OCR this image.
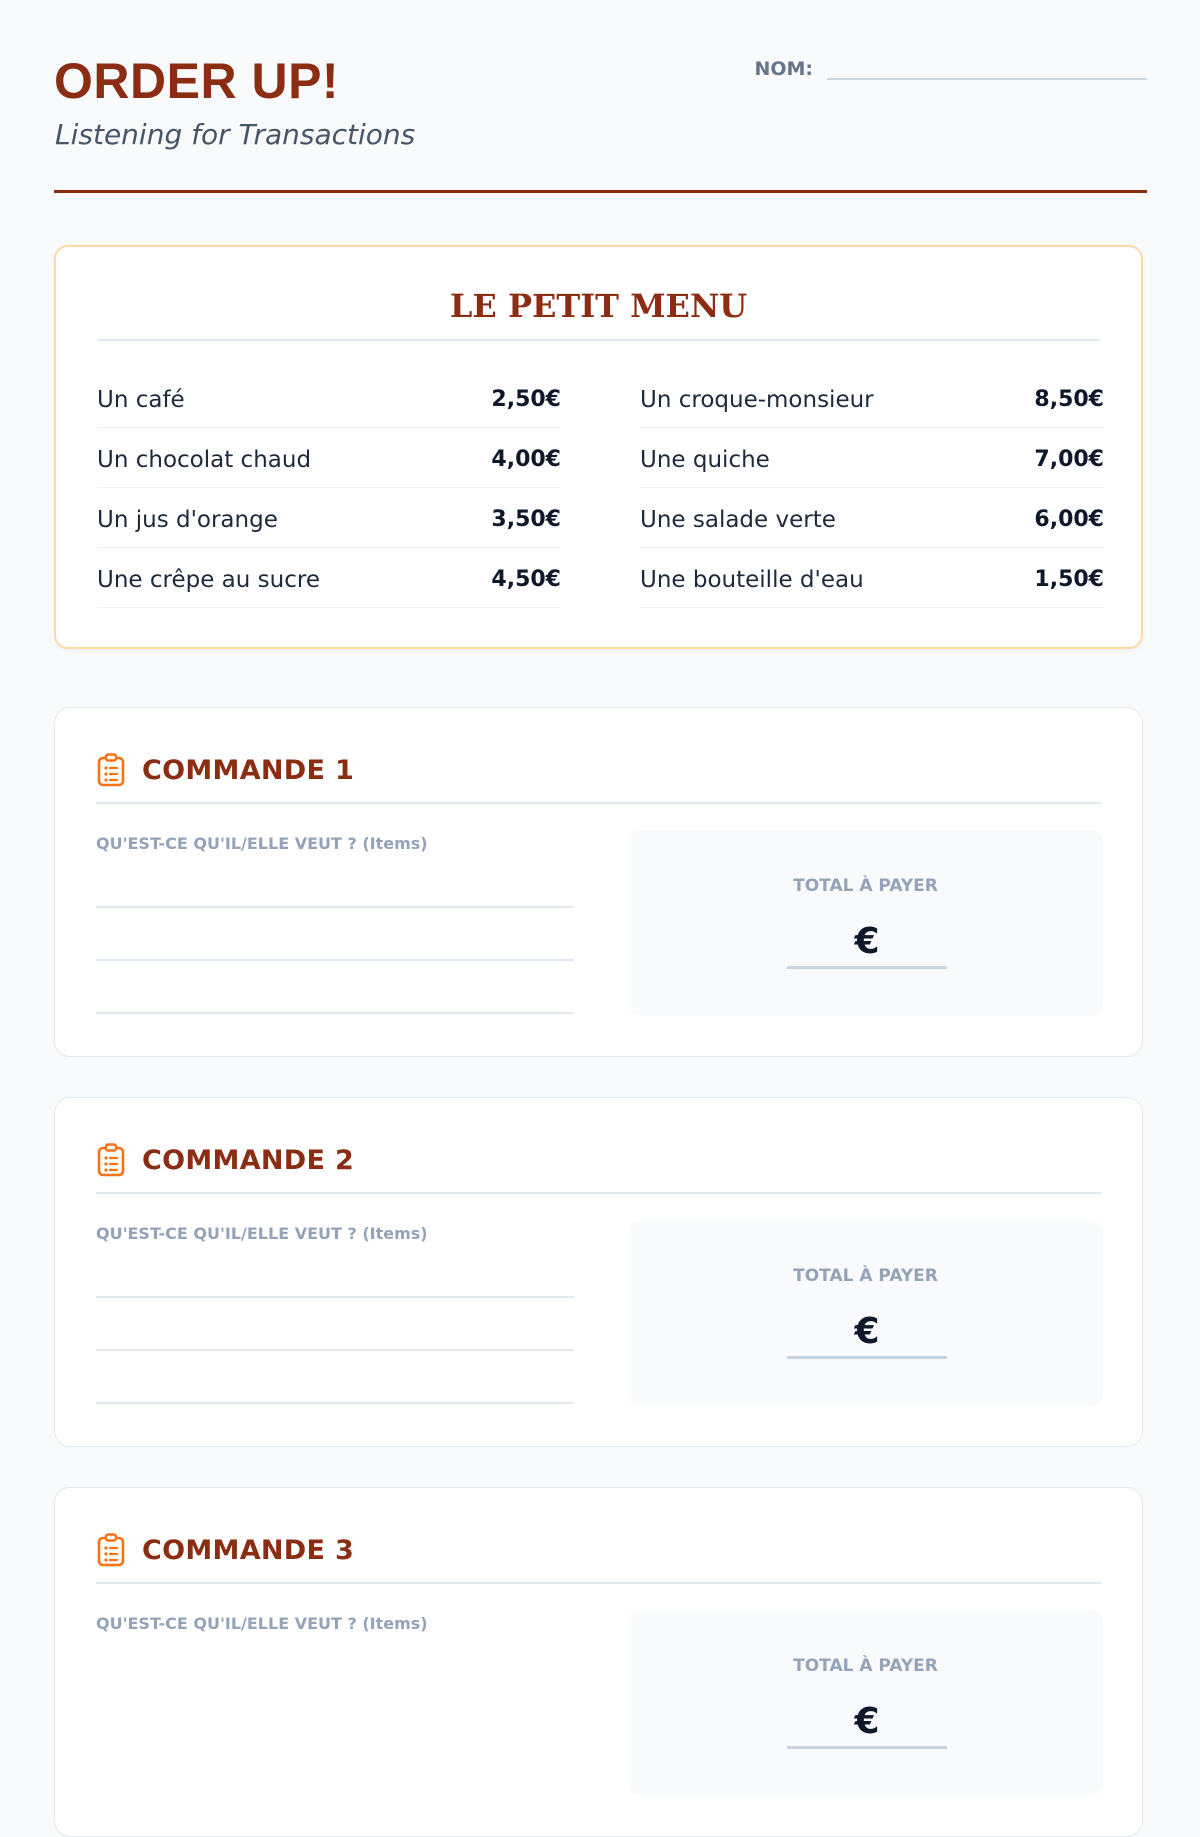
ORDER UP!
Listening for Transactions
NOM:
LE PETIT MENU
Un café	2,50€
Un chocolat chaud	4,00€
Un jus d'orange	3,50€
Une crêpe au sucre	4,50€
Un croque-monsieur	8,50€
Une quiche	7,00€
Une salade verte	6,00€
Une bouteille d'eau	1,50€
COMMANDE 1
QU'EST-CE QU'IL/ELLE VEUT ? (Items)
TOTAL À PAYER
€
COMMANDE 2
QU'EST-CE QU'IL/ELLE VEUT ? (Items)
TOTAL À PAYER
€
COMMANDE 3
QU'EST-CE QU'IL/ELLE VEUT ? (Items)
TOTAL À PAYER
€
